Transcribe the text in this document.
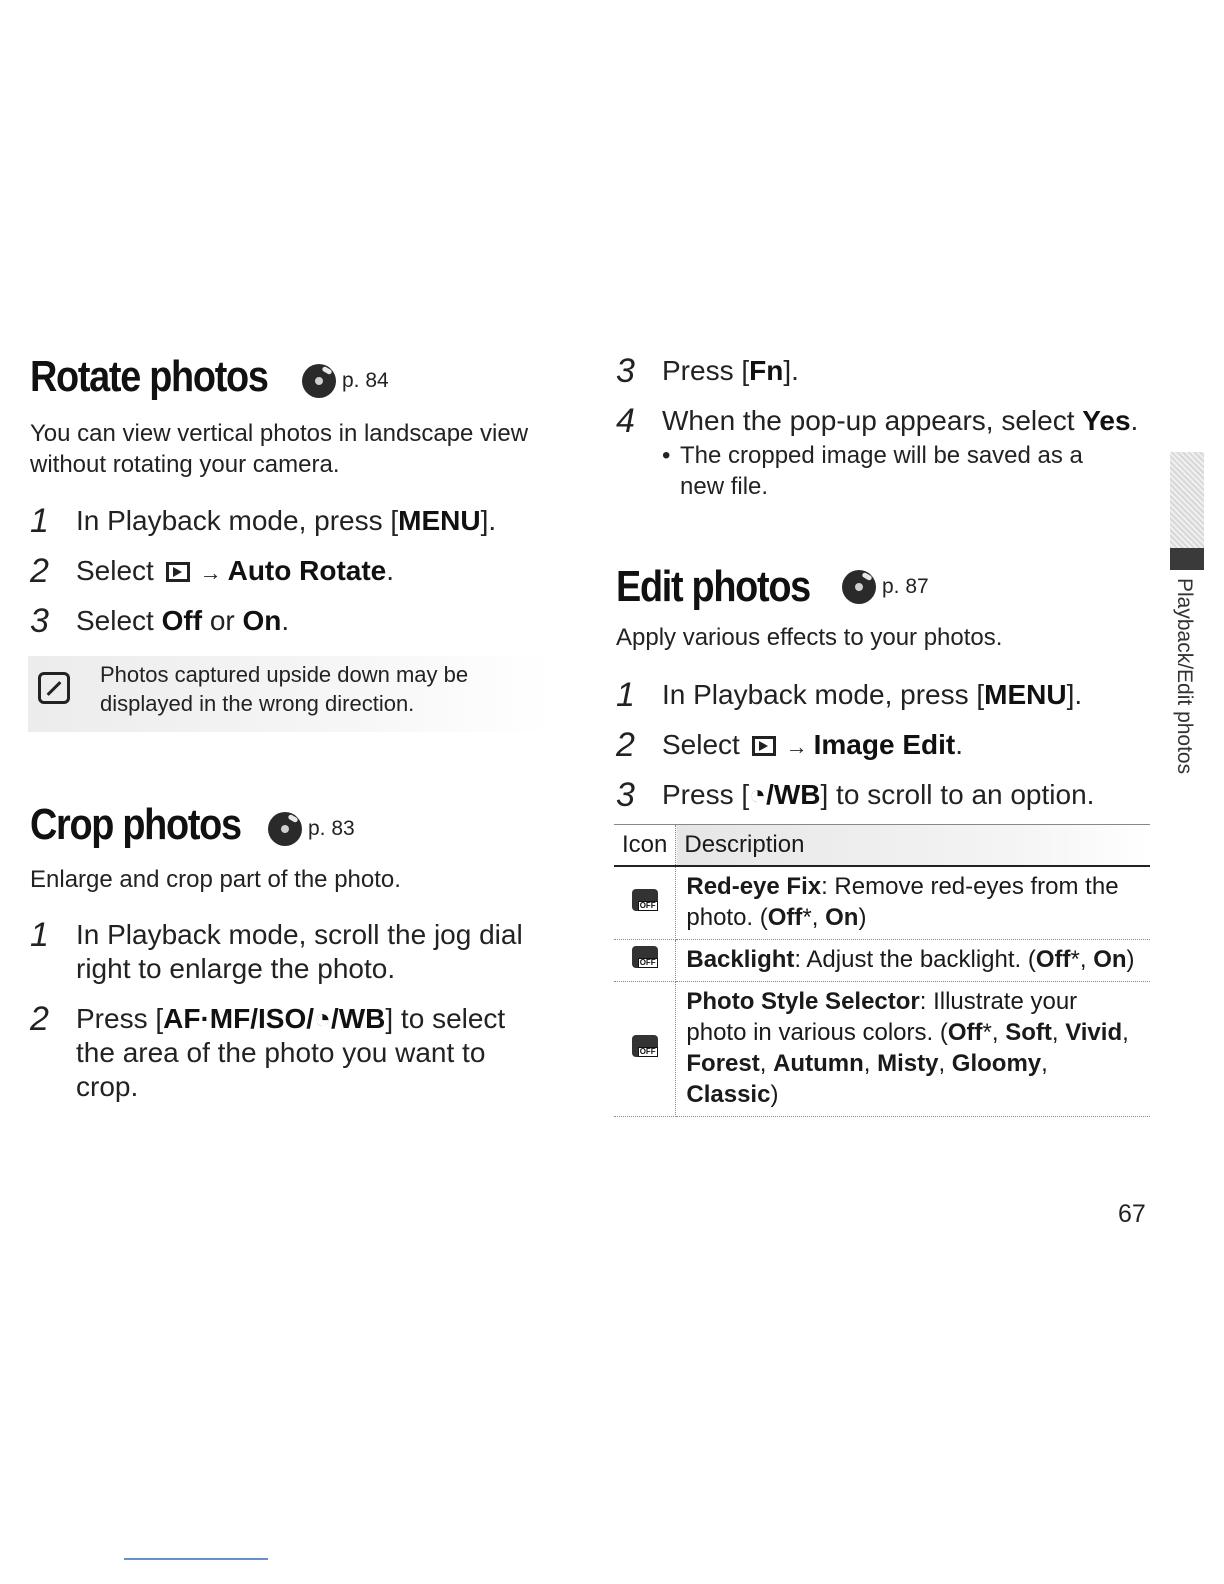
Rotate photos	p. 84
You can view vertical photos in landscape view without rotating your camera.
1 In Playback mode, press [MENU].
2 Select → Auto Rotate.
3 Select Off or On.
Photos captured upside down may be displayed in the wrong direction.
Crop photos	p. 83
Enlarge and crop part of the photo.
1 In Playback mode, scroll the jog dial right to enlarge the photo.
2 Press [AF·MF/ISO/◔/WB] to select the area of the photo you want to crop.
3 Press [Fn].
4 When the pop-up appears, select Yes.
• The cropped image will be saved as a new file.
Edit photos	p. 87
Apply various effects to your photos.
1 In Playback mode, press [MENU].
2 Select → Image Edit.
3 Press [◔/WB] to scroll to an option.
Icon	Description

OFF	Red-eye Fix: Remove red-eyes from the photo. (Off*, On)

OFF	Backlight: Adjust the backlight. (Off*, On)

OFF	Photo Style Selector: Illustrate your photo in various colors. (Off*, Soft, Vivid, Forest, Autumn, Misty, Gloomy, Classic)
Playback/Edit photos
67
